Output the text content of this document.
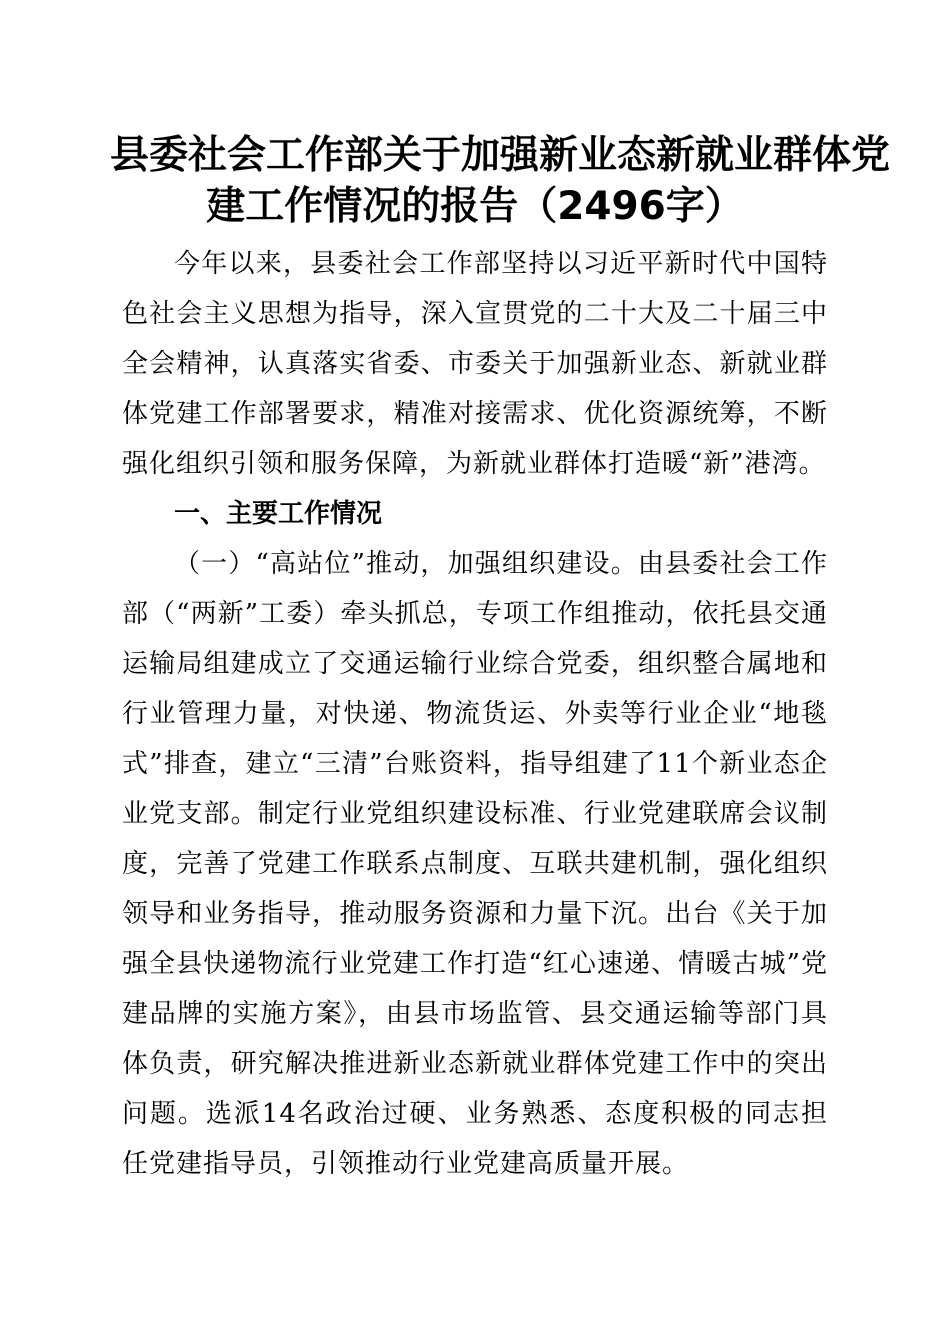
县委社会工作部关于加强新业态新就业群体党
建工作情况的报告（2496字）

今年以来，县委社会工作部坚持以习近平新时代中国特色社会主义思想为指导，深入宣贯党的二十大及二十届三中全会精神，认真落实省委、市委关于加强新业态、新就业群体党建工作部署要求，精准对接需求、优化资源统筹，不断强化组织引领和服务保障，为新就业群体打造暖“新”港湾。

一、主要工作情况

（一）“高站位”推动，加强组织建设。由县委社会工作部（“两新”工委）牵头抓总，专项工作组推动，依托县交通运输局组建成立了交通运输行业综合党委，组织整合属地和行业管理力量，对快递、物流货运、外卖等行业企业“地毯式”排查，建立“三清”台账资料，指导组建了11个新业态企业党支部。制定行业党组织建设标准、行业党建联席会议制度，完善了党建工作联系点制度、互联共建机制，强化组织领导和业务指导，推动服务资源和力量下沉。出台《关于加强全县快递物流行业党建工作打造“红心速递、情暖古城”党建品牌的实施方案》，由县市场监管、县交通运输等部门具体负责，研究解决推进新业态新就业群体党建工作中的突出问题。选派14名政治过硬、业务熟悉、态度积极的同志担任党建指导员，引领推动行业党建高质量开展。
